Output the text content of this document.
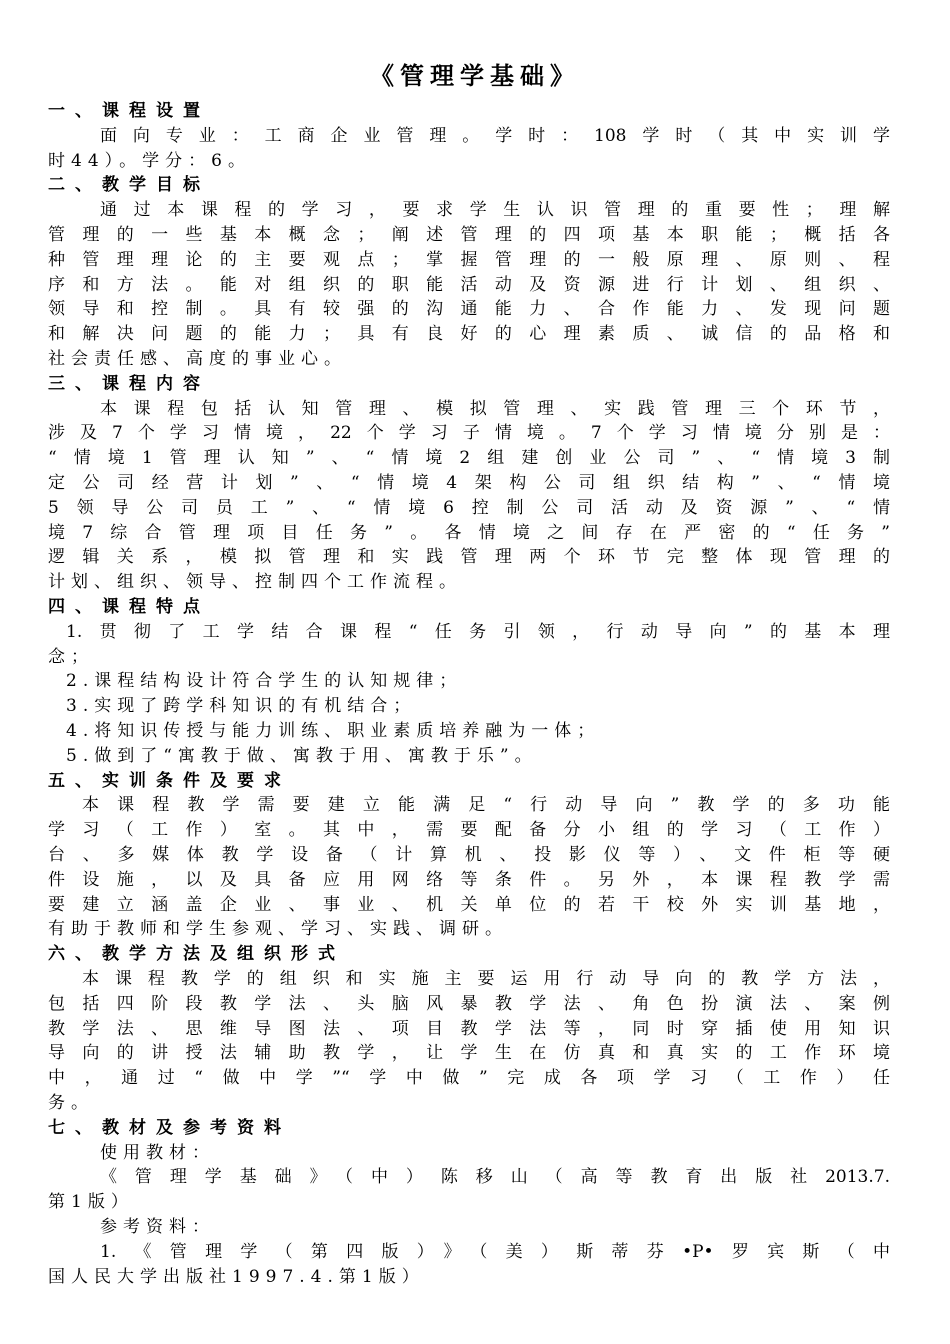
《管理学基础》
一、课程设置
面向专业：工商企业管理。学时：108学时（其中实训学
时44）。学分：6。
二、教学目标
通过本课程的学习，要求学生认识管理的重要性；理解
管理的一些基本概念；阐述管理的四项基本职能；概括各
种管理理论的主要观点；掌握管理的一般原理、原则、程
序和方法。能对组织的职能活动及资源进行计划、组织、
领导和控制。具有较强的沟通能力、合作能力、发现问题
和解决问题的能力；具有良好的心理素质、诚信的品格和
社会责任感、高度的事业心。
三、课程内容
本课程包括认知管理、模拟管理、实践管理三个环节，
涉及7个学习情境，22个学习子情境。7个学习情境分别是：
“情境1管理认知”、“情境2组建创业公司”、“情境3制
定公司经营计划”、“情境4架构公司组织结构”、“情境
5领导公司员工”、“情境6控制公司活动及资源”、“情
境7综合管理项目任务”。各情境之间存在严密的“任务”
逻辑关系，模拟管理和实践管理两个环节完整体现管理的
计划、组织、领导、控制四个工作流程。
四、课程特点
1.贯彻了工学结合课程“任务引领，行动导向”的基本理
念；
2.课程结构设计符合学生的认知规律；
3.实现了跨学科知识的有机结合；
4.将知识传授与能力训练、职业素质培养融为一体；
5.做到了“寓教于做、寓教于用、寓教于乐”。
五、实训条件及要求
本课程教学需要建立能满足“行动导向”教学的多功能
学习（工作）室。其中，需要配备分小组的学习（工作）
台、多媒体教学设备（计算机、投影仪等）、文件柜等硬
件设施，以及具备应用网络等条件。另外，本课程教学需
要建立涵盖企业、事业、机关单位的若干校外实训基地，
有助于教师和学生参观、学习、实践、调研。
六、教学方法及组织形式
本课程教学的组织和实施主要运用行动导向的教学方法，
包括四阶段教学法、头脑风暴教学法、角色扮演法、案例
教学法、思维导图法、项目教学法等，同时穿插使用知识
导向的讲授法辅助教学，让学生在仿真和真实的工作环境
中，通过“做中学”“学中做”完成各项学习（工作）任
务。
七、教材及参考资料
使用教材：
《管理学基础》（中）陈移山（高等教育出版社2013.7.
第1版）
参考资料：
1.《管理学（第四版）》（美）斯蒂芬•P•罗宾斯（中
国人民大学出版社1997.4.第1版）
